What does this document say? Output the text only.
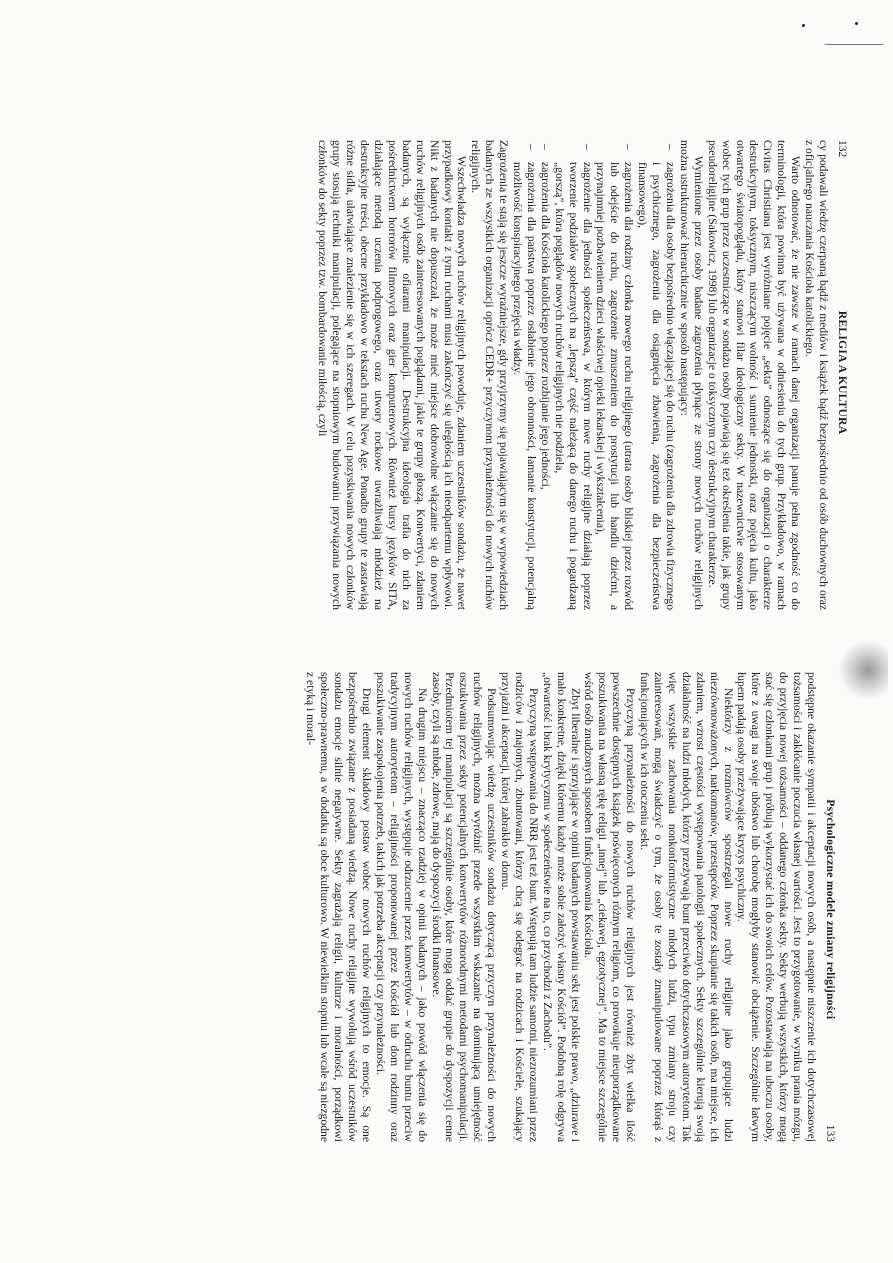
132
RELIGIA A KULTURA

cy podawali wiedzę czerpaną bądź z mediów i książek bądź bezpośrednio od osób duchownych oraz z oficjalnego nauczania Kościoła katolickiego.

Warto odnotować, że nie zawsze w ramach danej organizacji panuje pełna zgodność co do terminologii, która powinna być używana w odniesieniu do tych grup. Przykładowo, w ramach Civitas Christiana jest wyróżniane pojęcie „sekta” odnoszące się do organizacji o charakterze destrukcyjnym, toksycznym, niszczącym wolność i sumienie jednostki, oraz pojęcia kultu, jako otwartego światopoglądu, który stanowi filar ideologiczny sekty. W nazewnictwie stosowanym wobec tych grup przez uczestniczące w sondażu osoby pojawiają się też określenia takie, jak grupy pseudoreligijne (Sakowicz, 1998) lub organizacje o toksycznym czy destrukcyjnym charakterze.

Wymienione przez osoby badane zagrożenia płynące ze strony nowych ruchów religijnych można ustrukturować hierarchicznie w sposób następujący:

– zagrożenia dla osoby bezpośrednio włączającej się do ruchu (zagrożenia dla zdrowia fizycznego i psychicznego, zagrożenia dla osiągnięcia zbawienia, zagrożenia dla bezpieczeństwa finansowego),
– zagrożenia dla rodziny członka nowego ruchu religijnego (utrata osoby bliskiej przez rozwód lub odejście do ruchu, zagrożenie zmuszeniem do prostytucji lub handlu dziećmi, a przynajmniej pozbawieniem dzieci właściwej opieki lekarskiej i wykształcenia),
– zagrożenie dla jedności społeczeństwa, w którym nowe ruchy religijne działają poprzez tworzenie podziałów społecznych na „lepszą” część należącą do danego ruchu i pogardzaną „gorszą”, która poglądów nowych ruchów religijnych nie podziela,
– zagrożenia dla Kościoła katolickiego poprzez rozbijanie jego jedności,
– zagrożenia dla państwa poprzez osłabienie jego obronności, łamanie konstytucji, potencjalną możliwość konspiracyjnego przejęcia władzy.

Zagrożenia te stają się jeszcze wyraźniejsze, gdy przyjrzymy się pojawiającym się w wypowiedziach badanych ze wszystkich organizacji oprócz CEDR+ przyczynom przynależności do nowych ruchów religijnych.

Wszechwładza nowych ruchów religijnych powoduje, zdaniem uczestników sondażu, że nawet przypadkowy kontakt z tymi ruchami musi zakończyć się uległością ich nieodpartemu wpływowi. Nikt z badanych nie dopuszczał, że może mieć miejsce dobrowolne włączanie się do nowych ruchów religijnych osób zainteresowanych poglądami, jakie te grupy głoszą. Konwertyci, zdaniem badanych, są wyłącznie ofiarami manipulacji. Destrukcyjna ideologia trafia do nich za pośrednictwem horrorów filmowych oraz gier komputerowych. Również kursy języków SITA, działające metodą uczenia podprogowego, oraz utwory rockowe uwrażliwiają młodzież na destrukcyjne treści, obecne przykładowo w tekstach ruchu New Age. Ponadto grupy te zastawiają różne sidła, ułatwiające znalezienie się w ich szeregach. W celu pozyskiwania nowych członków grupy stosują techniki manipulacji, polegające na stopniowym budowaniu przywiązania nowych członków do sekty poprzez tzw. bombardowanie miłością, czyli

Psychologiczne modele zmiany religijności
133

podstępne okazanie sympatii i akceptacji nowych osób, a następnie niszczenie ich dotychczasowej tożsamości i zakłócanie poczucia własnej wartości. Jest to przygotowanie, w wyniku prania mózgu, do przyjęcia nowej tożsamości – oddanego członka sekty. Sekty werbują wszystkich, którzy mogą stać się członkami grup i próbują wykorzystać ich do swoich celów. Pozostawiają na uboczu osoby, które z uwagi na swoje ubóstwo lub chorobę mogłyby stanowić obciążenie. Szczególnie łatwym łupem padają osoby przeżywające kryzys psychiczny.

Niektórzy z rozmówców spostrzegali nowe ruchy religijne jako grupujące ludzi niezrównoważonych, narkomanów, przestępców. Poprzez skupianie się takich osób, ma miejsce, ich zdaniem, wzrost częstości występowania patologii społecznych. Sekty szczególnie kierują swoją działalność na ludzi młodych, którzy przeżywają bunt przeciwko dotychczasowym autorytetom. Tak więc wszystkie zachowania nonkonformistyczne młodych ludzi, typu zmiany stroju czy zainteresowań, mogą świadczyć o tym, że osoby te zostały zmanipulowane poprzez którąś z funkcjonujących w ich otoczeniu sekt.

Przyczyną przynależności do nowych ruchów religijnych jest również zbyt wielka ilość powszechnie dostępnych książek poświęconych różnym religiom, co prowokuje nieuporządkowane poszukiwania na własną rękę religii „innej” lub „ciekawej, egzotycznej”. Ma to miejsce szczególnie wśród osób znudzonych sposobem funkcjonowania Kościoła.

Zbyt liberalne i sprzyjające w opinii badanych powstawaniu sekt jest polskie prawo, „dziurawe i mało konkretne, dzięki któremu każdy może sobie założyć własny Kościół”. Podobną rolę odgrywa „otwartość i brak krytycyzmu w społeczeństwie na to, co przychodzi z Zachodu”.

Przyczyną wstępowania do NRR jest też bunt. Wstępują tam ludzie samotni, niezrozumiani przez rodziców i znajomych, zbuntowani, którzy chcą się odegrać na rodzicach i Kościele, szukający przyjaźni i akceptacji, której zabrakło w domu.

Podsumowując wiedzę uczestników sondażu dotyczącą przyczyn przynależności do nowych ruchów religijnych, można wyróżnić przede wszystkim wskazanie na dominującą umiejętność oszukiwania przez sekty potencjalnych konwertytów różnorodnymi metodami psychomanipulacji. Przedmiotem tej manipulacji są szczególnie osoby, które mogą oddać grupie do dyspozycji cenne zasoby, czyli są młode, zdrowe, mają do dyspozycji środki finansowe.

Na drugim miejscu – znacząco rzadziej w opinii badanych – jako powód włączenia się do nowych ruchów religijnych, występuje odrzucenie przez konwertytów – w odruchu buntu przeciw tradycyjnym autorytetom – religijności proponowanej przez Kościół lub dom rodzinny oraz poszukiwanie zaspokojenia potrzeb, takich jak potrzeba akceptacji czy przynależności.

Drugi element składowy postaw wobec nowych ruchów religijnych to emocje. Są one bezpośrednio związane z posiadaną wiedzą. Nowe ruchy religijne wywołują wśród uczestników sondażu emocje silnie negatywne. Sekty zagrażają religii, kulturze i moralności, porządkowi społeczno-prawnemu, a w dodatku są obce kulturowo. W niewielkim stopniu lub wcale są niezgodne z etyką i moral-
